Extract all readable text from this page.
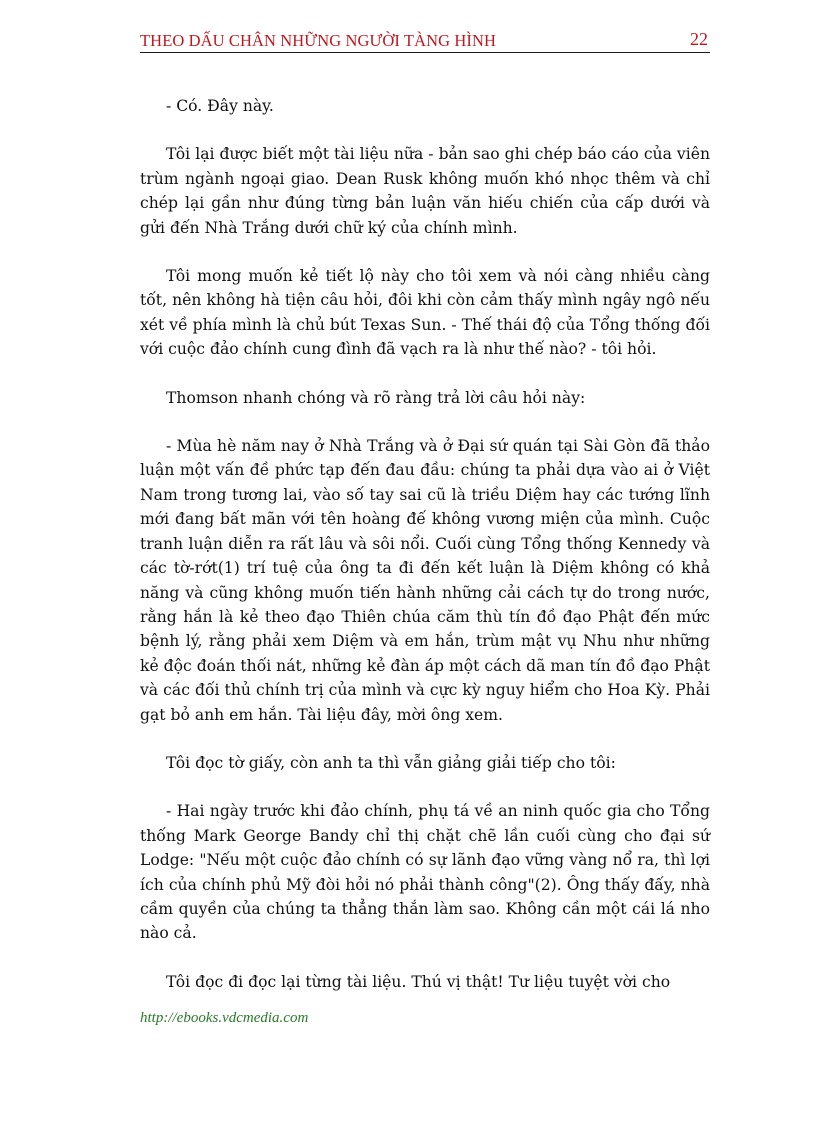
THEO DẤU CHÂN NHỮNG NGƯỜI TÀNG HÌNH	22

- Có. Đây này.

Tôi lại được biết một tài liệu nữa - bản sao ghi chép báo cáo của viên trùm ngành ngoại giao. Dean Rusk không muốn khó nhọc thêm và chỉ chép lại gần như đúng từng bản luận văn hiếu chiến của cấp dưới và gửi đến Nhà Trắng dưới chữ ký của chính mình.

Tôi mong muốn kẻ tiết lộ này cho tôi xem và nói càng nhiều càng tốt, nên không hà tiện câu hỏi, đôi khi còn cảm thấy mình ngây ngô nếu xét về phía mình là chủ bút Texas Sun. - Thế thái độ của Tổng thống đối với cuộc đảo chính cung đình đã vạch ra là như thế nào? - tôi hỏi.

Thomson nhanh chóng và rõ ràng trả lời câu hỏi này:

- Mùa hè năm nay ở Nhà Trắng và ở Đại sứ quán tại Sài Gòn đã thảo luận một vấn đề phức tạp đến đau đầu: chúng ta phải dựa vào ai ở Việt Nam trong tương lai, vào số tay sai cũ là triều Diệm hay các tướng lĩnh mới đang bất mãn với tên hoàng đế không vương miện của mình. Cuộc tranh luận diễn ra rất lâu và sôi nổi. Cuối cùng Tổng thống Kennedy và các tờ-rớt(1) trí tuệ của ông ta đi đến kết luận là Diệm không có khả năng và cũng không muốn tiến hành những cải cách tự do trong nước, rằng hắn là kẻ theo đạo Thiên chúa căm thù tín đồ đạo Phật đến mức bệnh lý, rằng phải xem Diệm và em hắn, trùm mật vụ Nhu như những kẻ độc đoán thối nát, những kẻ đàn áp một cách dã man tín đồ đạo Phật và các đối thủ chính trị của mình và cực kỳ nguy hiểm cho Hoa Kỳ. Phải gạt bỏ anh em hắn. Tài liệu đây, mời ông xem.

Tôi đọc tờ giấy, còn anh ta thì vẫn giảng giải tiếp cho tôi:

- Hai ngày trước khi đảo chính, phụ tá về an ninh quốc gia cho Tổng thống Mark George Bandy chỉ thị chặt chẽ lần cuối cùng cho đại sứ Lodge: "Nếu một cuộc đảo chính có sự lãnh đạo vững vàng nổ ra, thì lợi ích của chính phủ Mỹ đòi hỏi nó phải thành công"(2). Ông thấy đấy, nhà cầm quyền của chúng ta thẳng thắn làm sao. Không cần một cái lá nho nào cả.

Tôi đọc đi đọc lại từng tài liệu. Thú vị thật! Tư liệu tuyệt vời cho

http://ebooks.vdcmedia.com
